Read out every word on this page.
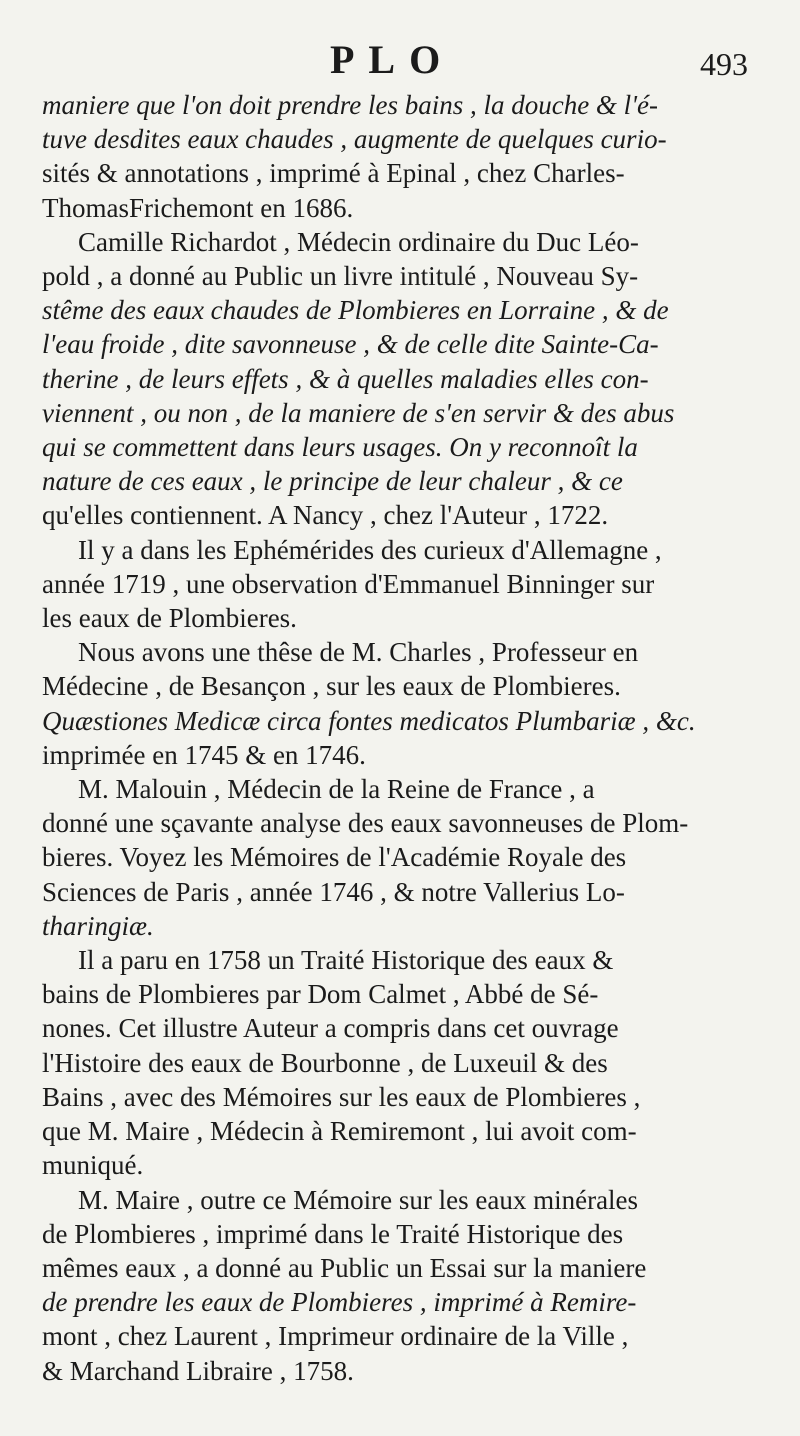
PLO	493

maniere que l'on doit prendre les bains , la douche & l'é-
tuve desdites eaux chaudes , augmente de quelques curio-
sités & annotations , imprimé à Epinal , chez Charles-
ThomasFrichemont en 1686.

Camille Richardot , Médecin ordinaire du Duc Léo-
pold , a donné au Public un livre intitulé , Nouveau Sy-
stême des eaux chaudes de Plombieres en Lorraine , & de
l'eau froide , dite savonneuse , & de celle dite Sainte-Ca-
therine , de leurs effets , & à quelles maladies elles con-
viennent , ou non , de la maniere de s'en servir & des abus
qui se commettent dans leurs usages. On y reconnoît la
nature de ces eaux , le principe de leur chaleur , & ce
qu'elles contiennent. A Nancy , chez l'Auteur , 1722.

Il y a dans les Ephémérides des curieux d'Allemagne ,
année 1719 , une observation d'Emmanuel Binninger sur
les eaux de Plombieres.

Nous avons une thêse de M. Charles , Professeur en
Médecine , de Besançon , sur les eaux de Plombieres.
Quæstiones Medicæ circa fontes medicatos Plumbariæ , &c.
imprimée en 1745 & en 1746.

M. Malouin , Médecin de la Reine de France , a
donné une sçavante analyse des eaux savonneuses de Plom-
bieres. Voyez les Mémoires de l'Académie Royale des
Sciences de Paris , année 1746 , & notre Vallerius Lo-
tharingiæ.

Il a paru en 1758 un Traité Historique des eaux &
bains de Plombieres par Dom Calmet , Abbé de Sé-
nones. Cet illustre Auteur a compris dans cet ouvrage
l'Histoire des eaux de Bourbonne , de Luxeuil & des
Bains , avec des Mémoires sur les eaux de Plombieres ,
que M. Maire , Médecin à Remiremont , lui avoit com-
muniqué.

M. Maire , outre ce Mémoire sur les eaux minérales
de Plombieres , imprimé dans le Traité Historique des
mêmes eaux , a donné au Public un Essai sur la maniere
de prendre les eaux de Plombieres , imprimé à Remire-
mont , chez Laurent , Imprimeur ordinaire de la Ville ,
& Marchand Libraire , 1758.
